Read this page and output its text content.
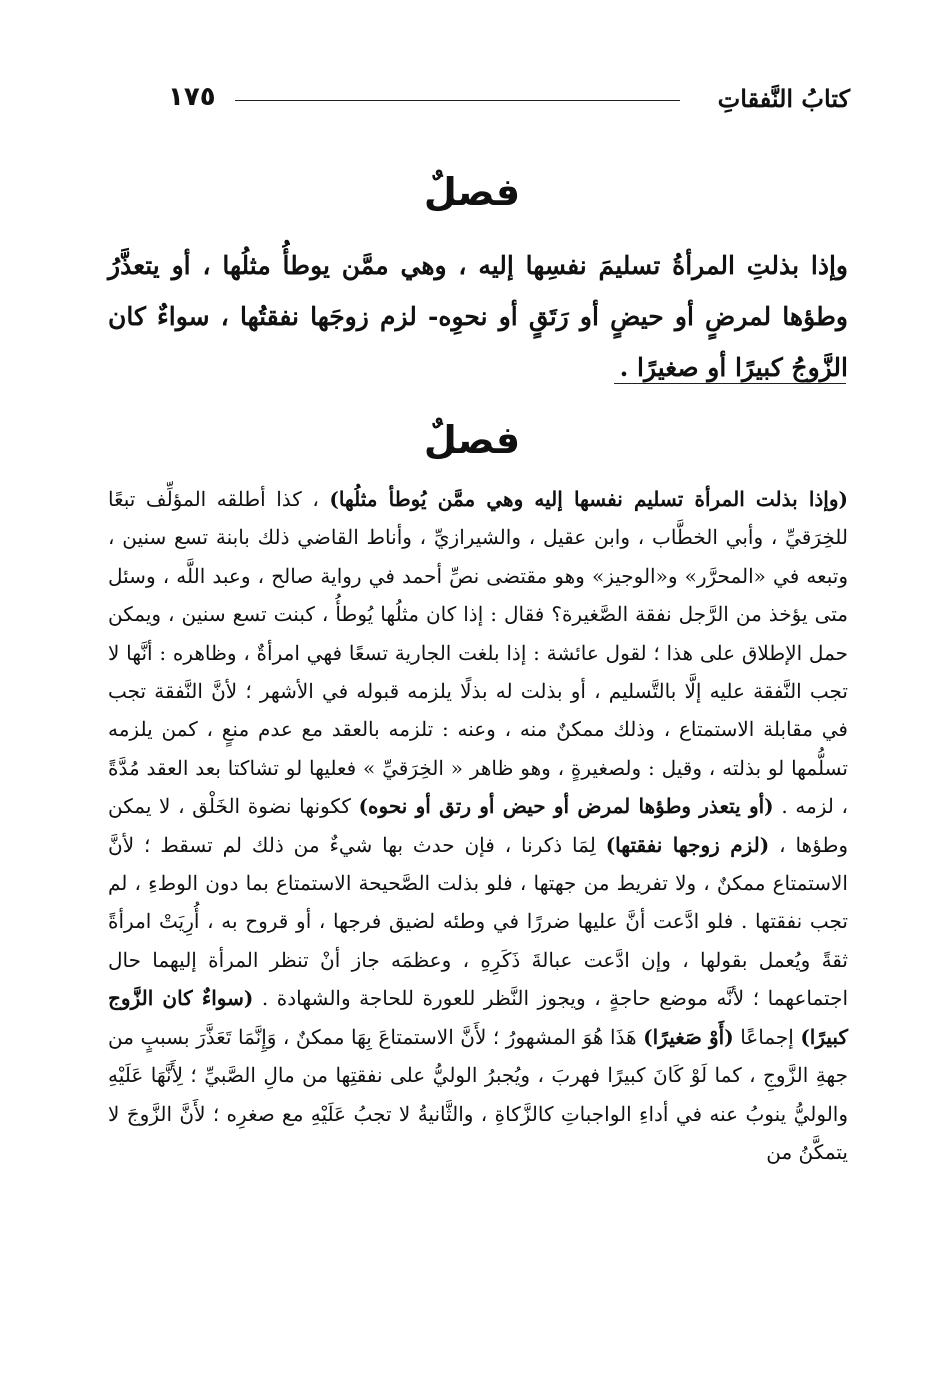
١٧٥	كتابُ النَّفقاتِ
فصلٌ

وإذا بذلتِ المرأةُ تسليمَ نفسِها إليه ، وهي ممَّن يوطأُ مثلُها ، أو يتعذَّرُ وطؤها لمرضٍ أو حيضٍ أو رَتَقٍ أو نحوِه- لزم زوجَها نفقتُها ، سواءٌ كان الزَّوجُ كبيرًا أو صغيرًا .

فصلٌ

(وإذا بذلت المرأة تسليم نفسها إليه وهي ممَّن يُوطأ مثلُها) ، كذا أطلقه المؤلِّف تبعًا للخِرَقيِّ ، وأبي الخطَّاب ، وابن عقيل ، والشيرازيِّ ، وأناط القاضي ذلك بابنة تسع سنين ، وتبعه في «المحرَّر» و«الوجيز» وهو مقتضى نصِّ أحمد في رواية صالح ، وعبد اللَّه ، وسئل متى يؤخذ من الرَّجل نفقة الصَّغيرة؟ فقال : إذا كان مثلُها يُوطأُ ، كبنت تسع سنين ، ويمكن حمل الإطلاق على هذا ؛ لقول عائشة : إذا بلغت الجارية تسعًا فهي امرأةٌ ، وظاهره : أنَّها لا تجب النَّفقة عليه إلَّا بالتَّسليم ، أو بذلت له بذلًا يلزمه قبوله في الأشهر ؛ لأنَّ النَّفقة تجب في مقابلة الاستمتاع ، وذلك ممكنٌ منه ، وعنه : تلزمه بالعقد مع عدم منعٍ ، كمن يلزمه تسلُّمها لو بذلته ، وقيل : ولصغيرةٍ ، وهو ظاهر « الخِرَقيِّ » فعليها لو تشاكتا بعد العقد مُدَّةً ، لزمه . (أو يتعذر وطؤها لمرض أو حيض أو رتق أو نحوه) ككونها نضوة الخَلْق ، لا يمكن وطؤها ، (لزم زوجها نفقتها) لِمَا ذكرنا ، فإن حدث بها شيءٌ من ذلك لم تسقط ؛ لأنَّ الاستمتاع ممكنٌ ، ولا تفريط من جهتها ، فلو بذلت الصَّحيحة الاستمتاع بما دون الوطءِ ، لم تجب نفقتها . فلو ادَّعت أنَّ عليها ضررًا في وطئه لضيق فرجها ، أو قروح به ، أُرِيَتْ امرأةً ثقةً ويُعمل بقولها ، وإن ادَّعت عبالةَ ذَكَرِهِ ، وعظمَه جاز أنْ تنظر المرأة إليهما حال اجتماعهما ؛ لأنَّه موضع حاجةٍ ، ويجوز النَّظر للعورة للحاجة والشهادة . (سواءٌ كان الزَّوج كبيرًا) إجماعًا (أَوْ صَغيرًا) هَذَا هُوَ المشهورُ ؛ لأَنَّ الاستمتاعَ بِهَا ممكنٌ ، وَإِنَّمَا تَعَذَّرَ بسببٍ من جهةِ الزَّوجِ ، كما لَوْ كَانَ كبيرًا فهربَ ، ويُجبرُ الوليُّ على نفقتِها من مالِ الصَّبيِّ ؛ لِأَنَّهَا عَلَيْهِ والوليُّ ينوبُ عنه في أداءِ الواجباتِ كالزَّكاةِ ، والثَّانيةُ لا تجبُ عَلَيْهِ مع صغرِه ؛ لأَنَّ الزَّوجَ لا يتمكَّنُ من
